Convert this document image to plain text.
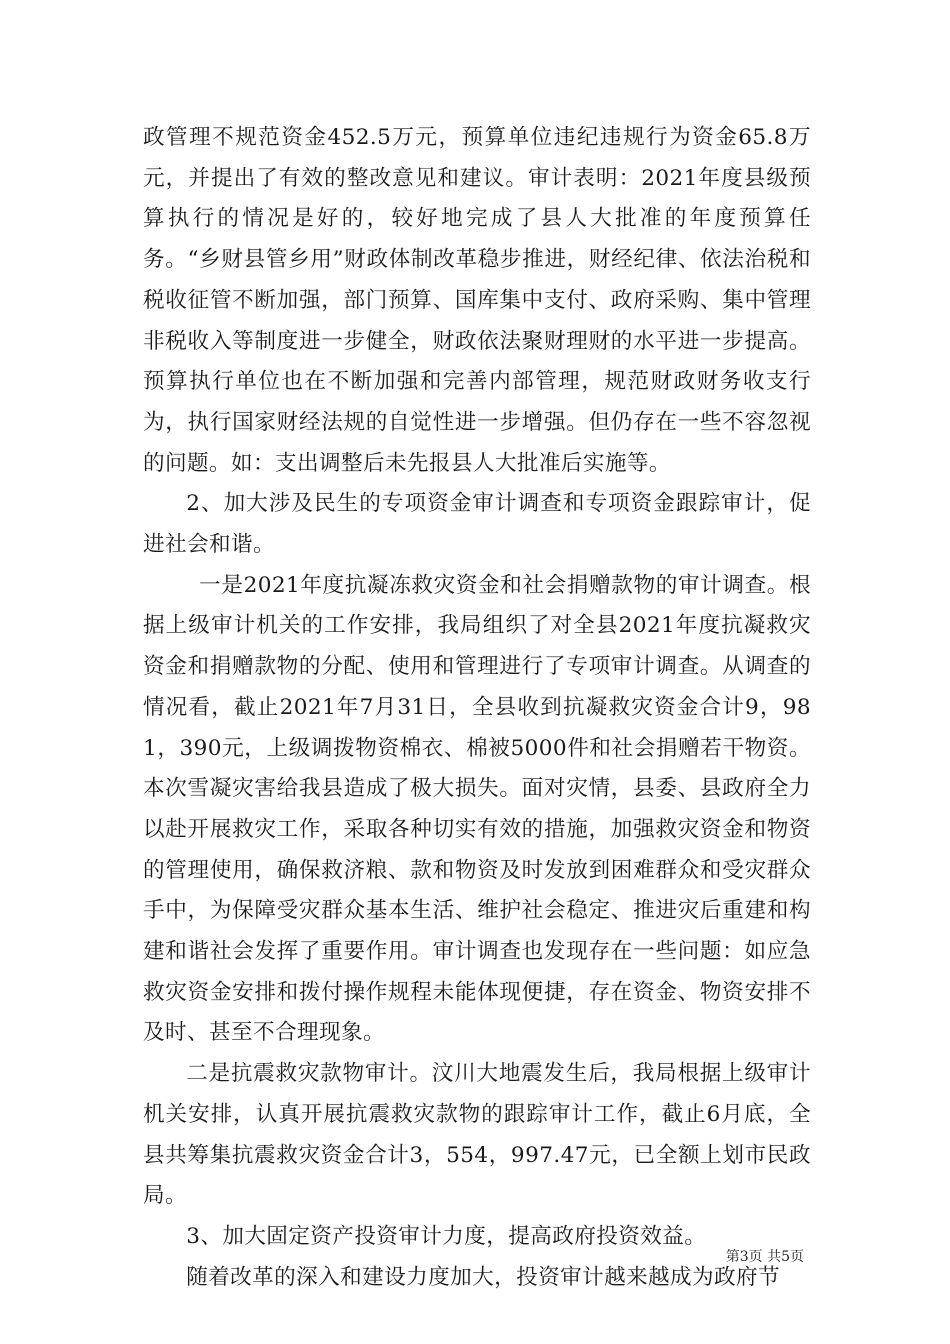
政管理不规范资金452.5万元，预算单位违纪违规行为资金65.8万元，并提出了有效的整改意见和建议。审计表明：2021年度县级预算执行的情况是好的，较好地完成了县人大批准的年度预算任务。“乡财县管乡用”财政体制改革稳步推进，财经纪律、依法治税和税收征管不断加强，部门预算、国库集中支付、政府采购、集中管理非税收入等制度进一步健全，财政依法聚财理财的水平进一步提高。预算执行单位也在不断加强和完善内部管理，规范财政财务收支行为，执行国家财经法规的自觉性进一步增强。但仍存在一些不容忽视的问题。如：支出调整后未先报县人大批准后实施等。

2、加大涉及民生的专项资金审计调查和专项资金跟踪审计，促进社会和谐。

一是2021年度抗凝冻救灾资金和社会捐赠款物的审计调查。根据上级审计机关的工作安排，我局组织了对全县2021年度抗凝救灾资金和捐赠款物的分配、使用和管理进行了专项审计调查。从调查的情况看，截止2021年7月31日，全县收到抗凝救灾资金合计9，981，390元，上级调拨物资棉衣、棉被5000件和社会捐赠若干物资。本次雪凝灾害给我县造成了极大损失。面对灾情，县委、县政府全力以赴开展救灾工作，采取各种切实有效的措施，加强救灾资金和物资的管理使用，确保救济粮、款和物资及时发放到困难群众和受灾群众手中，为保障受灾群众基本生活、维护社会稳定、推进灾后重建和构建和谐社会发挥了重要作用。审计调查也发现存在一些问题：如应急救灾资金安排和拨付操作规程未能体现便捷，存在资金、物资安排不及时、甚至不合理现象。

二是抗震救灾款物审计。汶川大地震发生后，我局根据上级审计机关安排，认真开展抗震救灾款物的跟踪审计工作，截止6月底，全县共筹集抗震救灾资金合计3，554，997.47元，已全额上划市民政局。

3、加大固定资产投资审计力度，提高政府投资效益。

随着改革的深入和建设力度加大，投资审计越来越成为政府节

第3页 共5页
